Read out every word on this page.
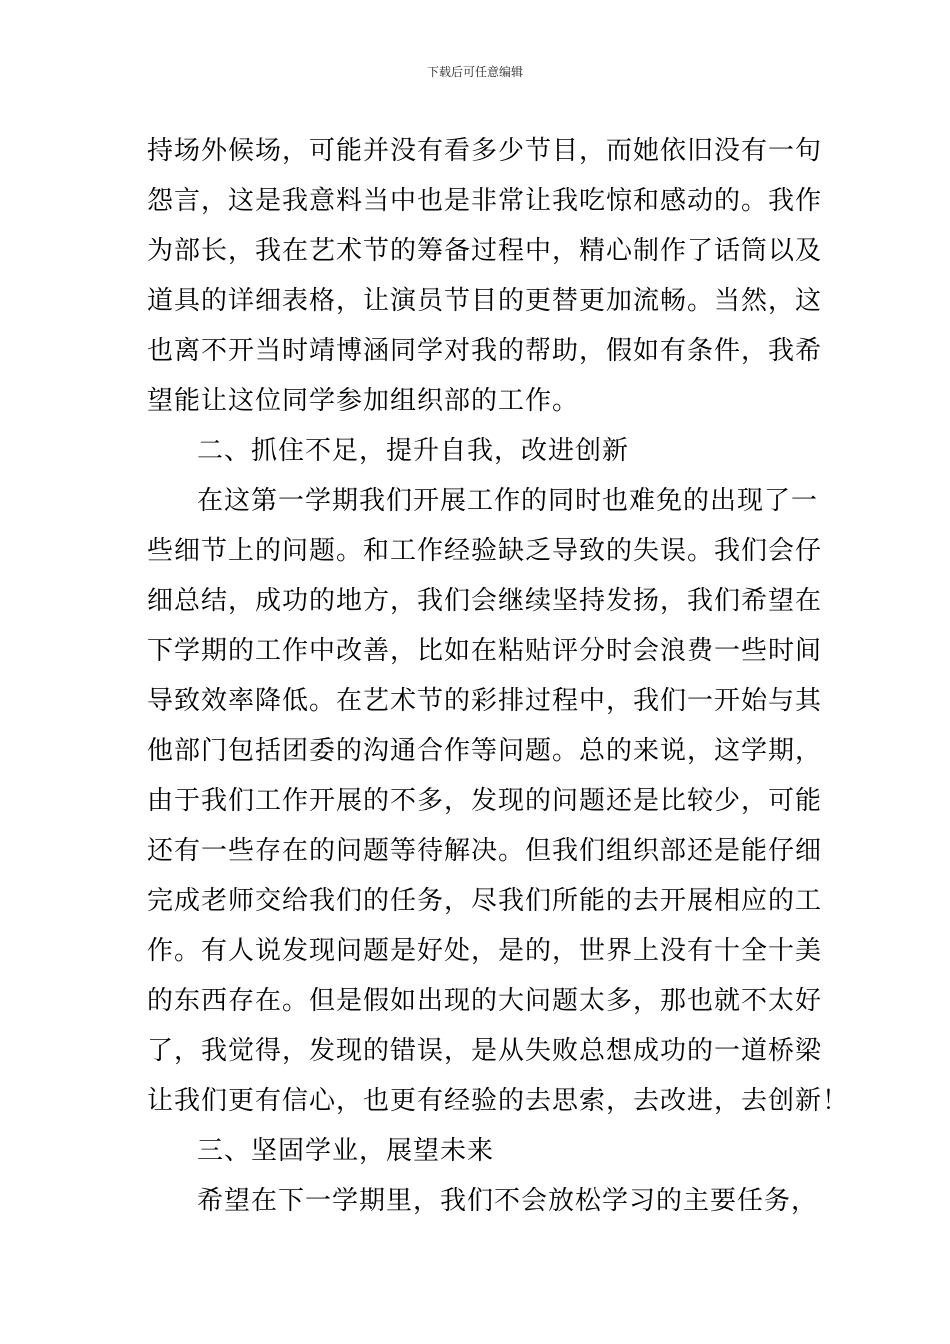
下载后可任意编辑
持场外候场，可能并没有看多少节目，而她依旧没有一句
怨言，这是我意料当中也是非常让我吃惊和感动的。我作
为部长，我在艺术节的筹备过程中，精心制作了话筒以及
道具的详细表格，让演员节目的更替更加流畅。当然，这
也离不开当时靖博涵同学对我的帮助，假如有条件，我希
望能让这位同学参加组织部的工作。
二、抓住不足，提升自我，改进创新
在这第一学期我们开展工作的同时也难免的出现了一
些细节上的问题。和工作经验缺乏导致的失误。我们会仔
细总结，成功的地方，我们会继续坚持发扬，我们希望在
下学期的工作中改善，比如在粘贴评分时会浪费一些时间
导致效率降低。在艺术节的彩排过程中，我们一开始与其
他部门包括团委的沟通合作等问题。总的来说，这学期，
由于我们工作开展的不多，发现的问题还是比较少，可能
还有一些存在的问题等待解决。但我们组织部还是能仔细
完成老师交给我们的任务，尽我们所能的去开展相应的工
作。有人说发现问题是好处，是的，世界上没有十全十美
的东西存在。但是假如出现的大问题太多，那也就不太好
了，我觉得，发现的错误，是从失败总想成功的一道桥梁
让我们更有信心，也更有经验的去思索，去改进，去创新！
三、坚固学业，展望未来
希望在下一学期里，我们不会放松学习的主要任务，
